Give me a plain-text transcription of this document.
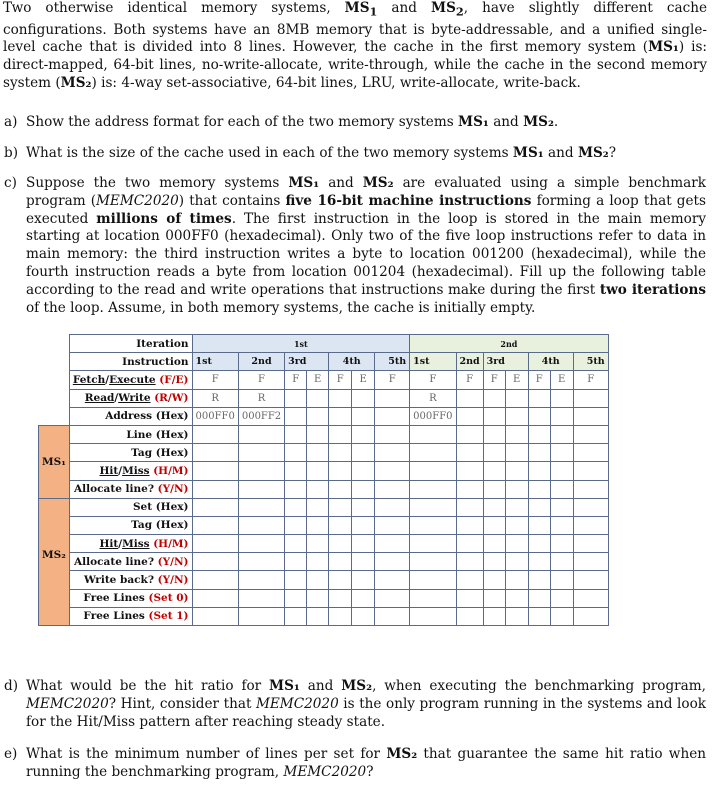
Two otherwise identical memory systems, $MS_1$ and $MS_2$, have slightly different cache configurations. Both systems have an 8MB memory that is byte-addressable, and a unified single-level cache that is divided into 8 lines. However, the cache in the first memory system (MS₁) is: direct-mapped, 64-bit lines, no-write-allocate, write-through, while the cache in the second memory system (MS₂) is: 4-way set-associative, 64-bit lines, LRU, write-allocate, write-back.
a) Show the address format for each of the two memory systems MS₁ and MS₂.
b) What is the size of the cache used in each of the two memory systems MS₁ and MS₂?
c) Suppose the two memory systems MS₁ and MS₂ are evaluated using a simple benchmark program (MEMC2020) that contains five 16-bit machine instructions forming a loop that gets executed millions of times. The first instruction in the loop is stored in the main memory starting at location 000FF0 (hexadecimal). Only two of the five loop instructions refer to data in main memory: the third instruction writes a byte to location 001200 (hexadecimal), while the fourth instruction reads a byte from location 001204 (hexadecimal). Fill up the following table according to the read and write operations that instructions make during the first two iterations of the loop. Assume, in both memory systems, the cache is initially empty.
	Iteration	1st							2nd						
	Instruction	1st	2nd	3rd		4th		5th	1st	2nd	3rd		4th		5th
	Fetch/Execute (F/E)	F	F	F	E	F	E	F	F	F	F	E	F	E	F
	Read/Write (R/W)	R	R						R						
	Address (Hex)	000FF0	000FF2						000FF0						
MS₁	Line (Hex)														
	Tag (Hex)														
	Hit/Miss (H/M)														
	Allocate line? (Y/N)														
MS₂	Set (Hex)														
	Tag (Hex)														
	Hit/Miss (H/M)														
	Allocate line? (Y/N)														
	Write back? (Y/N)														
	Free Lines (Set 0)														
	Free Lines (Set 1)														
d) What would be the hit ratio for MS₁ and MS₂, when executing the benchmarking program, MEMC2020? Hint, consider that MEMC2020 is the only program running in the systems and look for the Hit/Miss pattern after reaching steady state.
e) What is the minimum number of lines per set for MS₂ that guarantee the same hit ratio when running the benchmarking program, MEMC2020?
